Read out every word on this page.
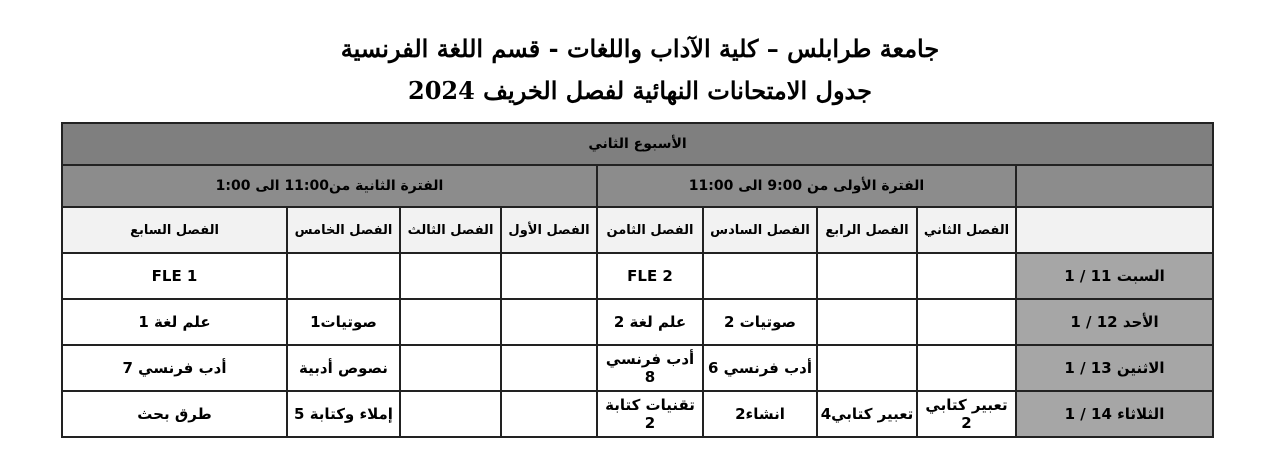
جامعة طرابلس – كلية الآداب واللغات - قسم اللغة الفرنسية
جدول الامتحانات النهائية لفصل الخريف 2024
الأسبوع الثاني								
	الفترة الأولى من 9:00 الى 11:00				الفترة الثانية من11:00 الى 1:00			
	الفصل الثاني	الفصل الرابع	الفصل السادس	الفصل الثامن	الفصل الأول	الفصل الثالث	الفصل الخامس	الفصل السابع
السبت 11 / 1				FLE 2				FLE 1
الأحد 12 / 1			صوتيات 2	علم لغة 2			صوتيات1	علم لغة 1
الاثنين 13 / 1			أدب فرنسي 6	أدب فرنسي 8			نصوص أدبية	أدب فرنسي 7
الثلاثاء 14 / 1	تعبير كتابي 2	تعبير كتابي4	انشاء2	تقنيات كتابة 2			إملاء وكتابة 5	طرق بحث
